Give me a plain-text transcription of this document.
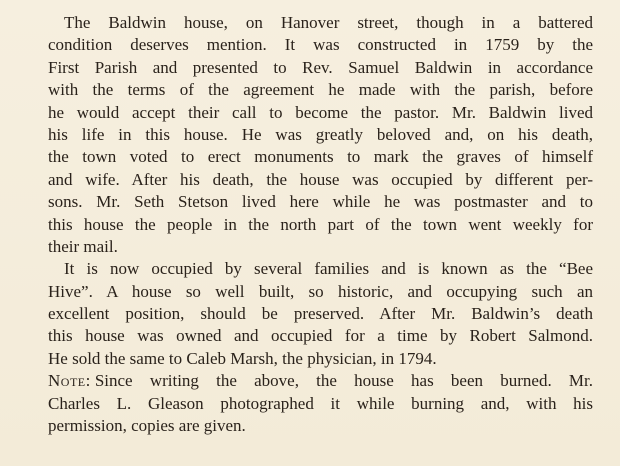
The Baldwin house, on Hanover street, though in a battered
condition deserves mention. It was constructed in 1759 by the
First Parish and presented to Rev. Samuel Baldwin in accordance
with the terms of the agreement he made with the parish, before
he would accept their call to become the pastor. Mr. Baldwin lived
his life in this house. He was greatly beloved and, on his death,
the town voted to erect monuments to mark the graves of himself
and wife. After his death, the house was occupied by different per-
sons. Mr. Seth Stetson lived here while he was postmaster and to
this house the people in the north part of the town went weekly for
their mail.
It is now occupied by several families and is known as the “Bee
Hive”. A house so well built, so historic, and occupying such an
excellent position, should be preserved. After Mr. Baldwin’s death
this house was owned and occupied for a time by Robert Salmond.
He sold the same to Caleb Marsh, the physician, in 1794.
Note: Since writing the above, the house has been burned. Mr.
Charles L. Gleason photographed it while burning and, with his
permission, copies are given.
